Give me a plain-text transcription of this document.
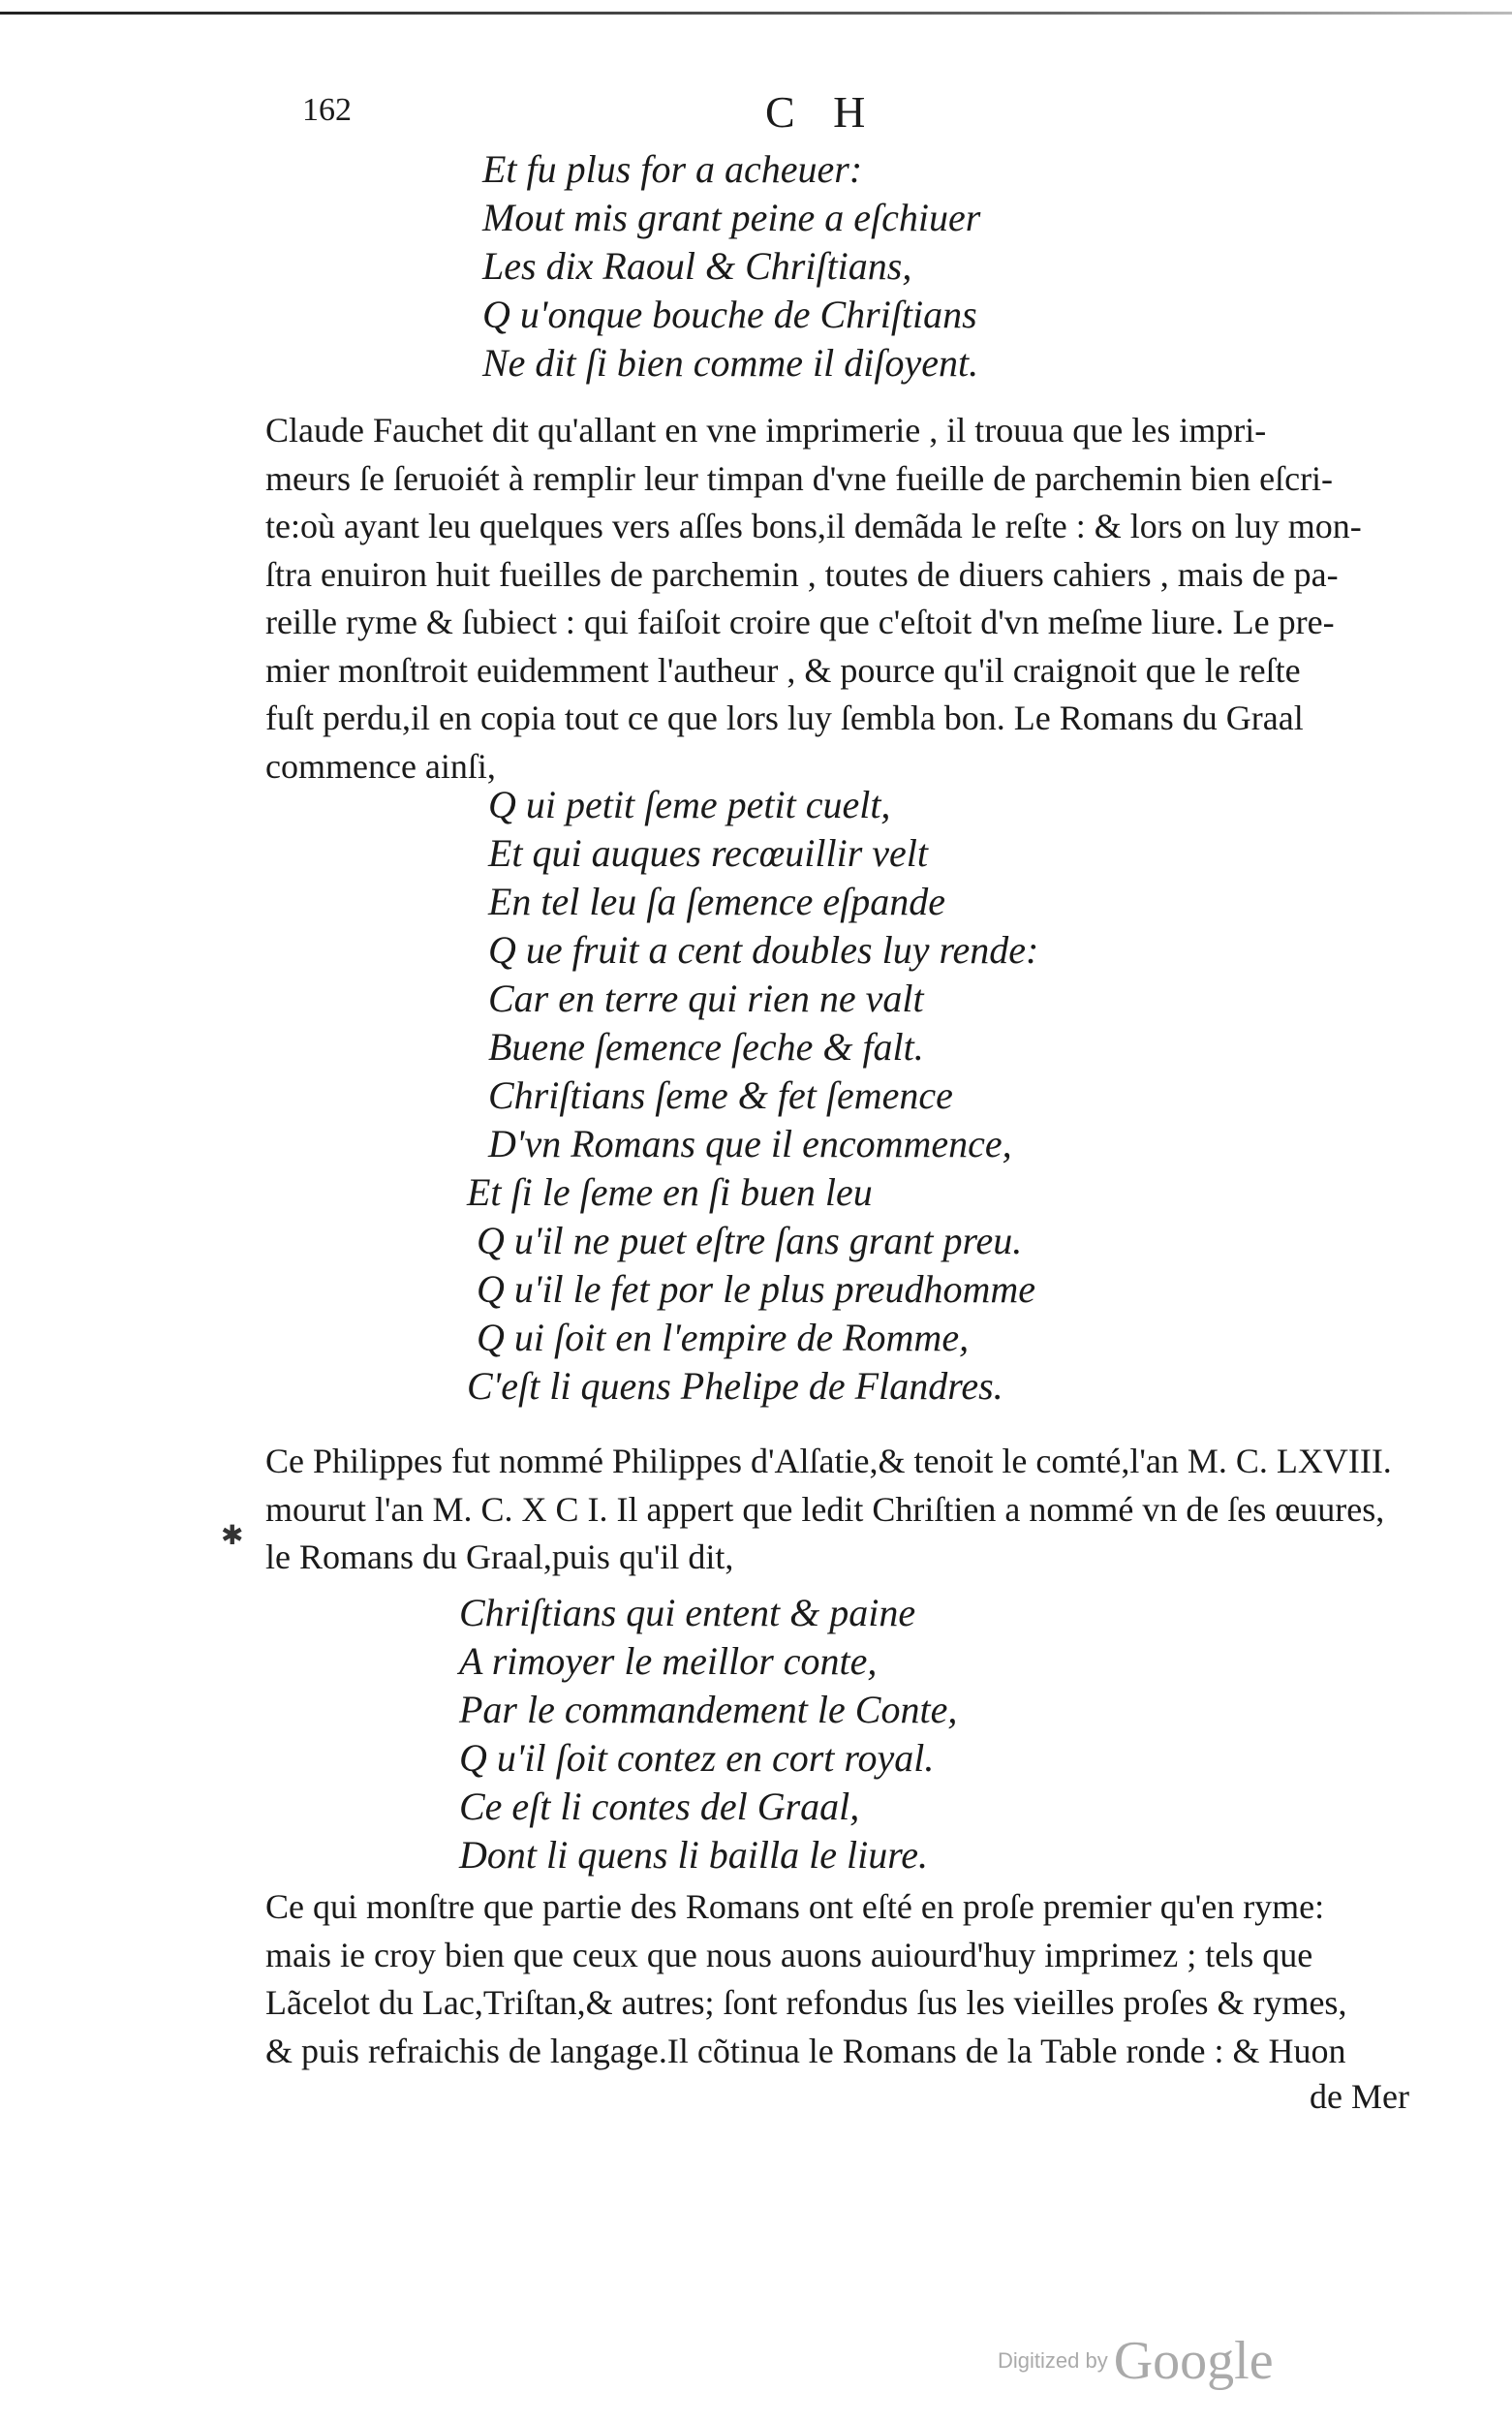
162	C H
Et fu plus for a acheuer:
Mout mis grant peine a eſchiuer
Les dix Raoul & Chriſtians,
Q u'onque bouche de Chriſtians
Ne dit ſi bien comme il diſoyent.
Claude Fauchet dit qu'allant en vne imprimerie , il trouua que les impri-
meurs ſe ſeruoiét à remplir leur timpan d'vne fueille de parchemin bien eſcri-
te:où ayant leu quelques vers aſſes bons,il demãda le reſte : & lors on luy mon-
ſtra enuiron huit fueilles de parchemin , toutes de diuers cahiers , mais de pa-
reille ryme & ſubiect : qui faiſoit croire que c'eſtoit d'vn meſme liure. Le pre-
mier monſtroit euidemment l'autheur , & pource qu'il craignoit que le reſte
fuſt perdu,il en copia tout ce que lors luy ſembla bon. Le Romans du Graal
commence ainſi,
Q ui petit ſeme petit cuelt,
Et qui auques recœuillir velt
En tel leu ſa ſemence eſpande
Q ue fruit a cent doubles luy rende:
Car en terre qui rien ne valt
Buene ſemence ſeche & falt.
Chriſtians ſeme & fet ſemence
D'vn Romans que il encommence,
Et ſi le ſeme en ſi buen leu
Q u'il ne puet eſtre ſans grant preu.
Q u'il le fet por le plus preudhomme
Q ui ſoit en l'empire de Romme,
C'eſt li quens Phelipe de Flandres.
Ce Philippes fut nommé Philippes d'Alſatie,& tenoit le comté,l'an M. C. LXVIII.
mourut l'an M. C. X C I. Il appert que ledit Chriſtien a nommé vn de ſes œuures,
le Romans du Graal,puis qu'il dit,
Chriſtians qui entent & paine
A rimoyer le meillor conte,
Par le commandement le Conte,
Q u'il ſoit contez en cort royal.
Ce eſt li contes del Graal,
Dont li quens li bailla le liure.
Ce qui monſtre que partie des Romans ont eſté en proſe premier qu'en ryme:
mais ie croy bien que ceux que nous auons auiourd'huy imprimez ; tels que
Lãcelot du Lac,Triſtan,& autres; ſont refondus ſus les vieilles proſes & rymes,
& puis refraichis de langage.Il cõtinua le Romans de la Table ronde : & Huon
de Mer
✱
Digitized by Google
